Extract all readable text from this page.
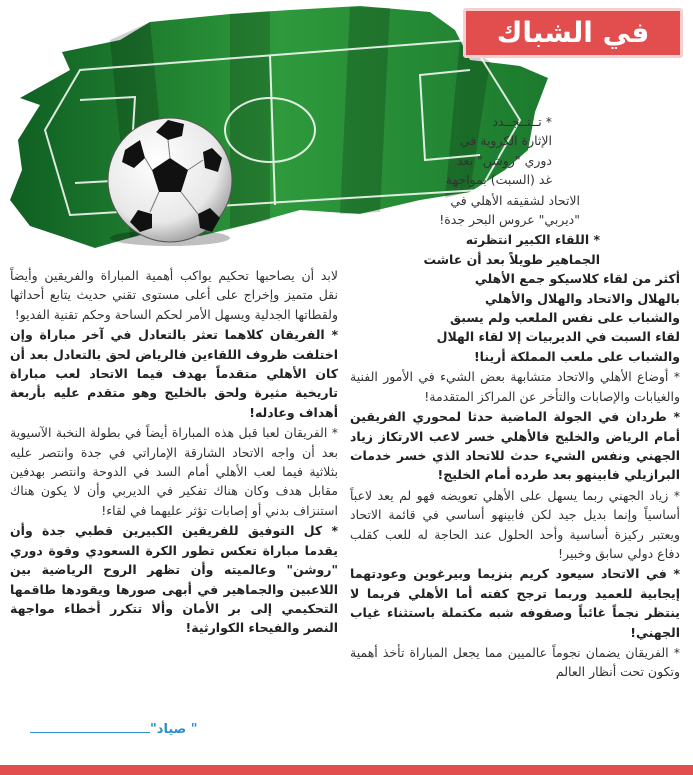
في الشباك

* تــتــجــدد
الإثارة الكروية في
دوري "روشن" بعد
غد (السبت) بمواجهة

الاتحاد لشقيقه الأهلي في
"ديربي" عروس البحر جدة!

* اللقاء الكبير انتظرته
الجماهير طويلاً بعد أن عاشت

أكثر من لقاء كلاسيكو جمع الأهلي
بالهلال والاتحاد والهلال والأهلي
والشباب على نفس الملعب ولم يسبق
لقاء السبت في الديربيات إلا لقاء الهلال
والشباب على ملعب المملكة أرينا!

* أوضاع الأهلي والاتحاد متشابهة بعض الشيء في الأمور الفنية والغيابات والإصابات والتأخر عن المراكز المتقدمة!

* طردان في الجولة الماضية حدثا لمحوري الفريقين أمام الرياض والخليج فالأهلي خسر لاعب الارتكاز زياد الجهني ونفس الشيء حدث للاتحاد الذي خسر خدمات البرازيلي فابينهو بعد طرده أمام الخليج!

* زياد الجهني ربما يسهل على الأهلي تعويضه فهو لم يعد لاعباً أساسياً وإنما بديل جيد لكن فابينهو أساسي في قائمة الاتحاد ويعتبر ركيزة أساسية وأحد الحلول عند الحاجة له للعب كقلب دفاع دولي سابق وخبير!

* في الاتحاد سيعود كريم بنزيما وبيرغوين وعودتهما إيجابية للعميد وربما ترجح كفته أما الأهلي فربما لا ينتظر نجماً غائباً وصفوفه شبه مكتملة باستثناء غياب الجهني!

* الفريقان يضمان نجوماً عالميين مما يجعل المباراة تأخذ أهمية وتكون تحت أنظار العالم

لابد أن يصاحبها تحكيم يواكب أهمية المباراة والفريقين وأيضاً نقل متميز وإخراج على أعلى مستوى تقني حديث يتابع أحداثها ولقطاتها الجدلية ويسهل الأمر لحكم الساحة وحكم تقنية الفديو!

* الفريقان كلاهما تعثر بالتعادل في آخر مباراة وإن اختلفت ظروف اللقاءين فالرياض لحق بالتعادل بعد أن كان الأهلي متقدماً بهدف فيما الاتحاد لعب مباراة تاريخية مثيرة ولحق بالخليج وهو متقدم عليه بأربعة أهداف وعادله!

* الفريقان لعبا قبل هذه المباراة أيضاً في بطولة النخبة الآسيوية بعد أن واجه الاتحاد الشارقة الإماراتي في جدة وانتصر عليه بثلاثية فيما لعب الأهلي أمام السد في الدوحة وانتصر بهدفين مقابل هدف وكان هناك تفكير في الديربي وأن لا يكون هناك استنزاف بدني أو إصابات تؤثر عليهما في لقاء!

* كل التوفيق للفريقين الكبيرين قطبي جدة وأن يقدما مباراة تعكس تطور الكرة السعودي وقوة دوري "روشن" وعالميته وأن تظهر الروح الرياضية بين اللاعبين والجماهير في أبهى صورها ويقودها طاقمها التحكيمي إلى بر الأمان وألا تتكرر أخطاء مواجهة النصر والفيحاء الكوارثية!

" صياد"
